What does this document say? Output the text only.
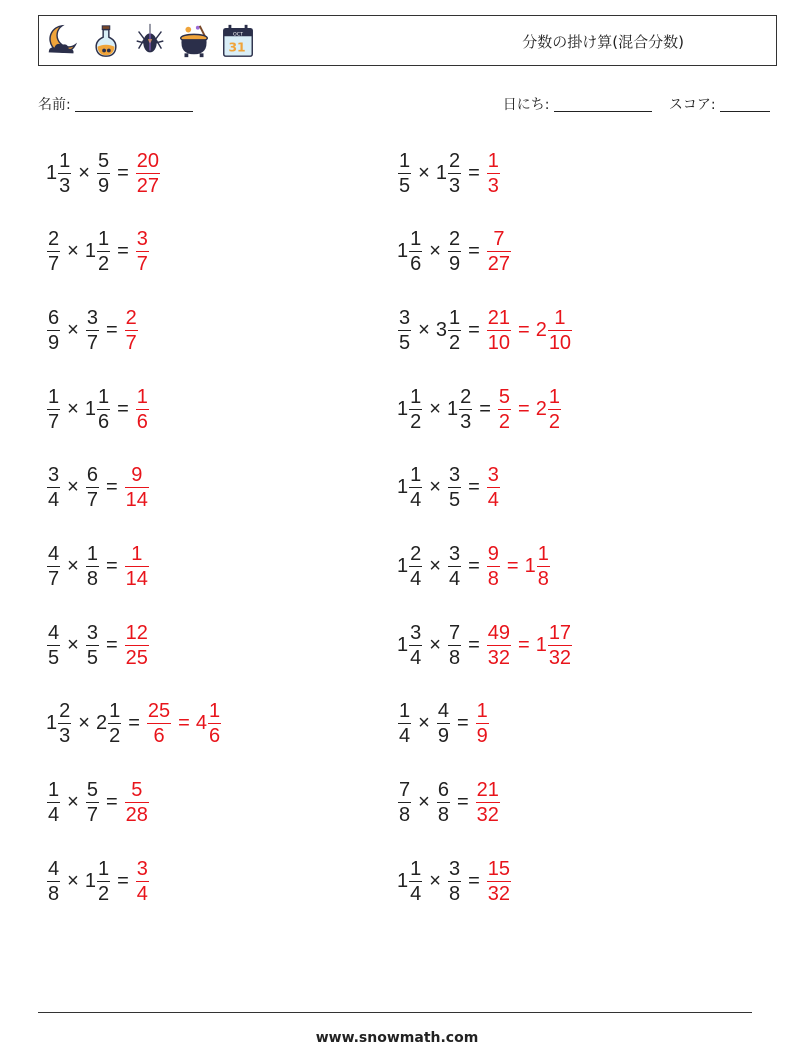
OCT
31	分数の掛け算(混合分数)
名前:	日にち:	スコア:
$1 \frac{1}{3} \times \frac{5}{9} = \frac{20}{27}$	$\frac{1}{5} \times 1 \frac{2}{3} = \frac{1}{3}$
$\frac{2}{7} \times 1 \frac{1}{2} = \frac{3}{7}$	$1 \frac{1}{6} \times \frac{2}{9} = \frac{7}{27}$
$\frac{6}{9} \times \frac{3}{7} = \frac{2}{7}$	$\frac{3}{5} \times 3 \frac{1}{2} = \frac{21}{10} = 2 \frac{1}{10}$
$\frac{1}{7} \times 1 \frac{1}{6} = \frac{1}{6}$	$1 \frac{1}{2} \times 1 \frac{2}{3} = \frac{5}{2} = 2 \frac{1}{2}$
$\frac{3}{4} \times \frac{6}{7} = \frac{9}{14}$	$1 \frac{1}{4} \times \frac{3}{5} = \frac{3}{4}$
$\frac{4}{7} \times \frac{1}{8} = \frac{1}{14}$	$1 \frac{2}{4} \times \frac{3}{4} = \frac{9}{8} = 1 \frac{1}{8}$
$\frac{4}{5} \times \frac{3}{5} = \frac{12}{25}$	$1 \frac{3}{4} \times \frac{7}{8} = \frac{49}{32} = 1 \frac{17}{32}$
$1 \frac{2}{3} \times 2 \frac{1}{2} = \frac{25}{6} = 4 \frac{1}{6}$	$\frac{1}{4} \times \frac{4}{9} = \frac{1}{9}$
$\frac{1}{4} \times \frac{5}{7} = \frac{5}{28}$	$\frac{7}{8} \times \frac{6}{8} = \frac{21}{32}$
$\frac{4}{8} \times 1 \frac{1}{2} = \frac{3}{4}$	$1 \frac{1}{4} \times \frac{3}{8} = \frac{15}{32}$
www.snowmath.com
